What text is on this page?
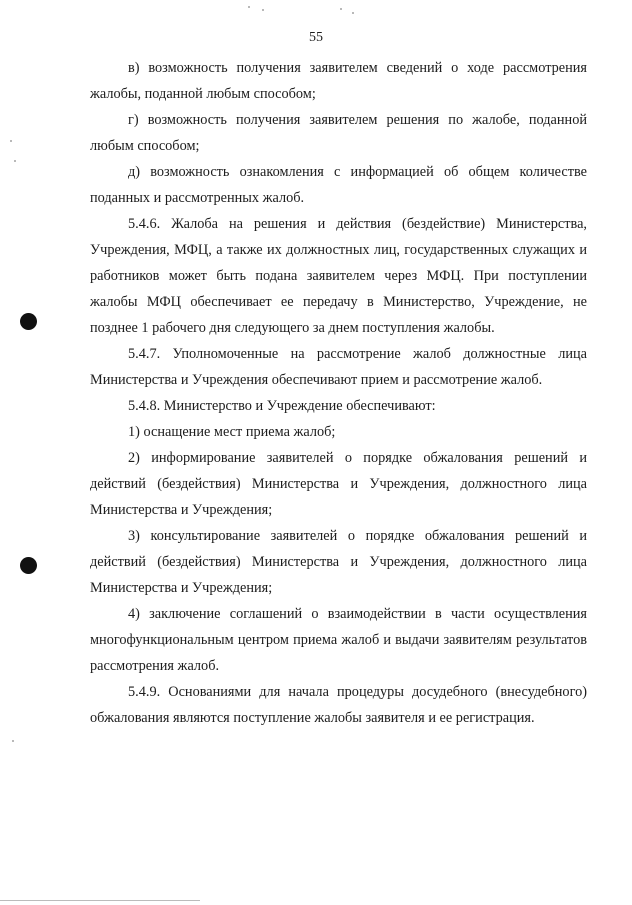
55

в) возможность получения заявителем сведений о ходе рассмотрения жалобы, поданной любым способом;

г) возможность получения заявителем решения по жалобе, поданной любым способом;

д) возможность ознакомления с информацией об общем количестве поданных и рассмотренных жалоб.

5.4.6. Жалоба на решения и действия (бездействие) Министерства, Учреждения, МФЦ, а также их должностных лиц, государственных служащих и работников может быть подана заявителем через МФЦ. При поступлении жалобы МФЦ обеспечивает ее передачу в Министерство, Учреждение, не позднее 1 рабочего дня следующего за днем поступления жалобы.

5.4.7. Уполномоченные на рассмотрение жалоб должностные лица Министерства и Учреждения обеспечивают прием и рассмотрение жалоб.

5.4.8. Министерство и Учреждение обеспечивают:

1) оснащение мест приема жалоб;

2) информирование заявителей о порядке обжалования решений и действий (бездействия) Министерства и Учреждения, должностного лица Министерства и Учреждения;

3) консультирование заявителей о порядке обжалования решений и действий (бездействия) Министерства и Учреждения, должностного лица Министерства и Учреждения;

4) заключение соглашений о взаимодействии в части осуществления многофункциональным центром приема жалоб и выдачи заявителям результатов рассмотрения жалоб.

5.4.9. Основаниями для начала процедуры досудебного (внесудебного) обжалования являются поступление жалобы заявителя и ее регистрация.
